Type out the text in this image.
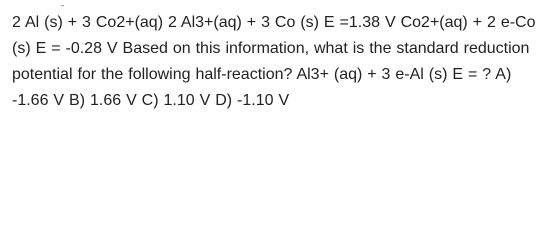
¯

2 Al (s) + 3 Co2+(aq) 2 Al3+(aq) + 3 Co (s) E =1.38 V Co2+(aq) + 2 e-Co (s) E = -0.28 V Based on this information, what is the standard reduction potential for the following half-reaction? Al3+ (aq) + 3 e-Al (s) E = ? A) -1.66 V B) 1.66 V C) 1.10 V D) -1.10 V
